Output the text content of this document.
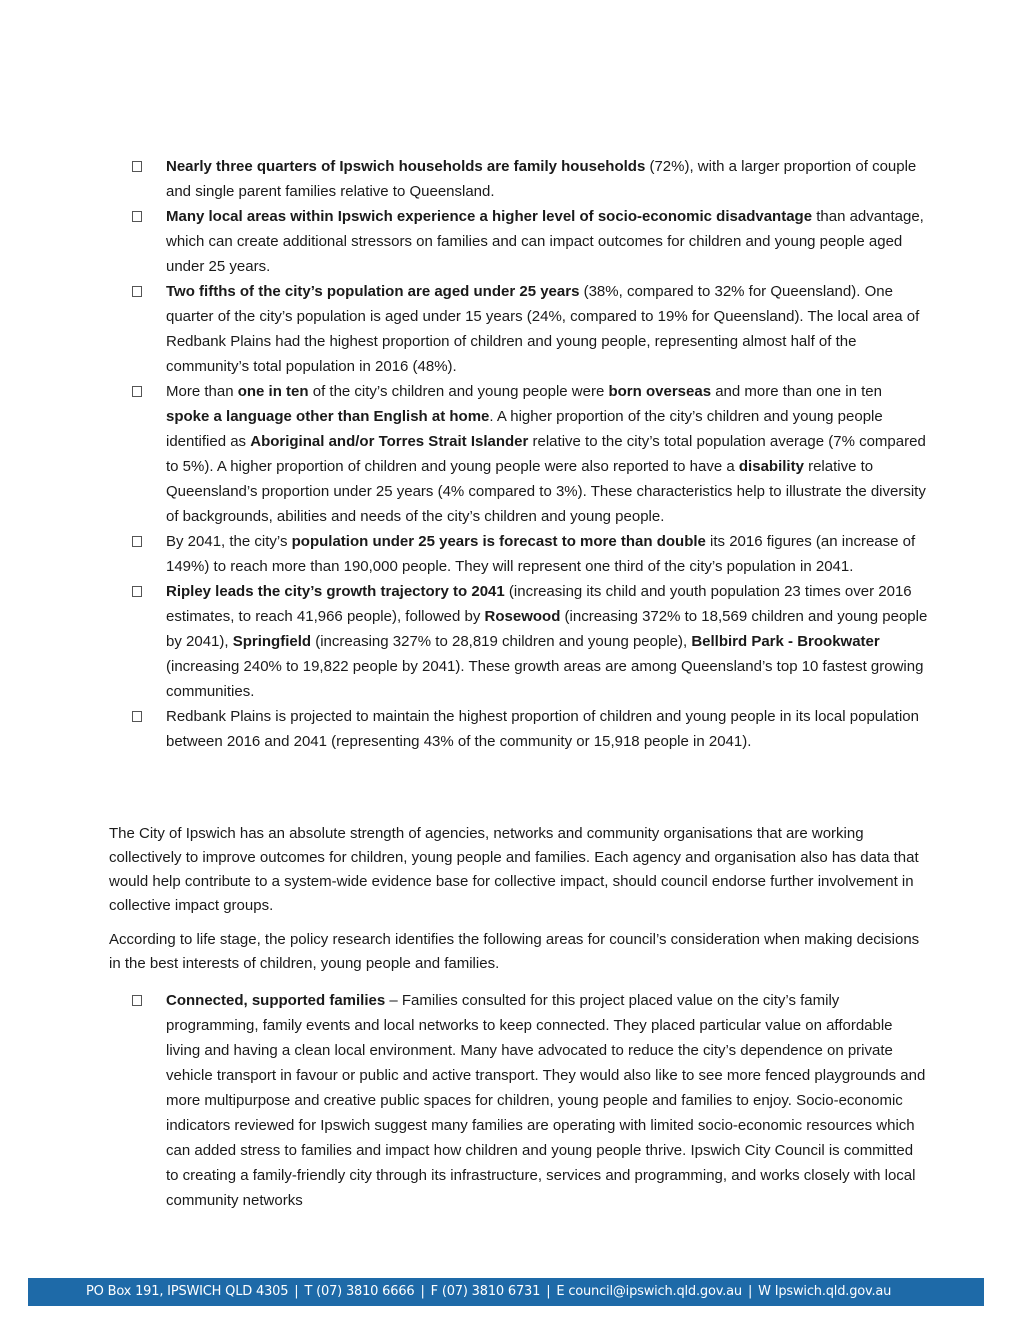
Nearly three quarters of Ipswich households are family households (72%), with a larger proportion of couple and single parent families relative to Queensland.
Many local areas within Ipswich experience a higher level of socio-economic disadvantage than advantage, which can create additional stressors on families and can impact outcomes for children and young people aged under 25 years.
Two fifths of the city’s population are aged under 25 years (38%, compared to 32% for Queensland). One quarter of the city’s population is aged under 15 years (24%, compared to 19% for Queensland). The local area of Redbank Plains had the highest proportion of children and young people, representing almost half of the community’s total population in 2016 (48%).
More than one in ten of the city’s children and young people were born overseas and more than one in ten spoke a language other than English at home. A higher proportion of the city’s children and young people identified as Aboriginal and/or Torres Strait Islander relative to the city’s total population average (7% compared to 5%). A higher proportion of children and young people were also reported to have a disability relative to Queensland’s proportion under 25 years (4% compared to 3%). These characteristics help to illustrate the diversity of backgrounds, abilities and needs of the city’s children and young people.
By 2041, the city’s population under 25 years is forecast to more than double its 2016 figures (an increase of 149%) to reach more than 190,000 people. They will represent one third of the city’s population in 2041.
Ripley leads the city’s growth trajectory to 2041 (increasing its child and youth population 23 times over 2016 estimates, to reach 41,966 people), followed by Rosewood (increasing 372% to 18,569 children and young people by 2041), Springfield (increasing 327% to 28,819 children and young people), Bellbird Park - Brookwater (increasing 240% to 19,822 people by 2041). These growth areas are among Queensland’s top 10 fastest growing communities.
Redbank Plains is projected to maintain the highest proportion of children and young people in its local population between 2016 and 2041 (representing 43% of the community or 15,918 people in 2041).

The City of Ipswich has an absolute strength of agencies, networks and community organisations that are working collectively to improve outcomes for children, young people and families. Each agency and organisation also has data that would help contribute to a system-wide evidence base for collective impact, should council endorse further involvement in collective impact groups.

According to life stage, the policy research identifies the following areas for council’s consideration when making decisions in the best interests of children, young people and families.

Connected, supported families – Families consulted for this project placed value on the city’s family programming, family events and local networks to keep connected. They placed particular value on affordable living and having a clean local environment. Many have advocated to reduce the city’s dependence on private vehicle transport in favour or public and active transport. They would also like to see more fenced playgrounds and more multipurpose and creative public spaces for children, young people and families to enjoy. Socio-economic indicators reviewed for Ipswich suggest many families are operating with limited socio-economic resources which can added stress to families and impact how children and young people thrive. Ipswich City Council is committed to creating a family-friendly city through its infrastructure, services and programming, and works closely with local community networks
PO Box 191, IPSWICH QLD 4305 | T (07) 3810 6666 | F (07) 3810 6731 | E council@ipswich.qld.gov.au | W Ipswich.qld.gov.au
